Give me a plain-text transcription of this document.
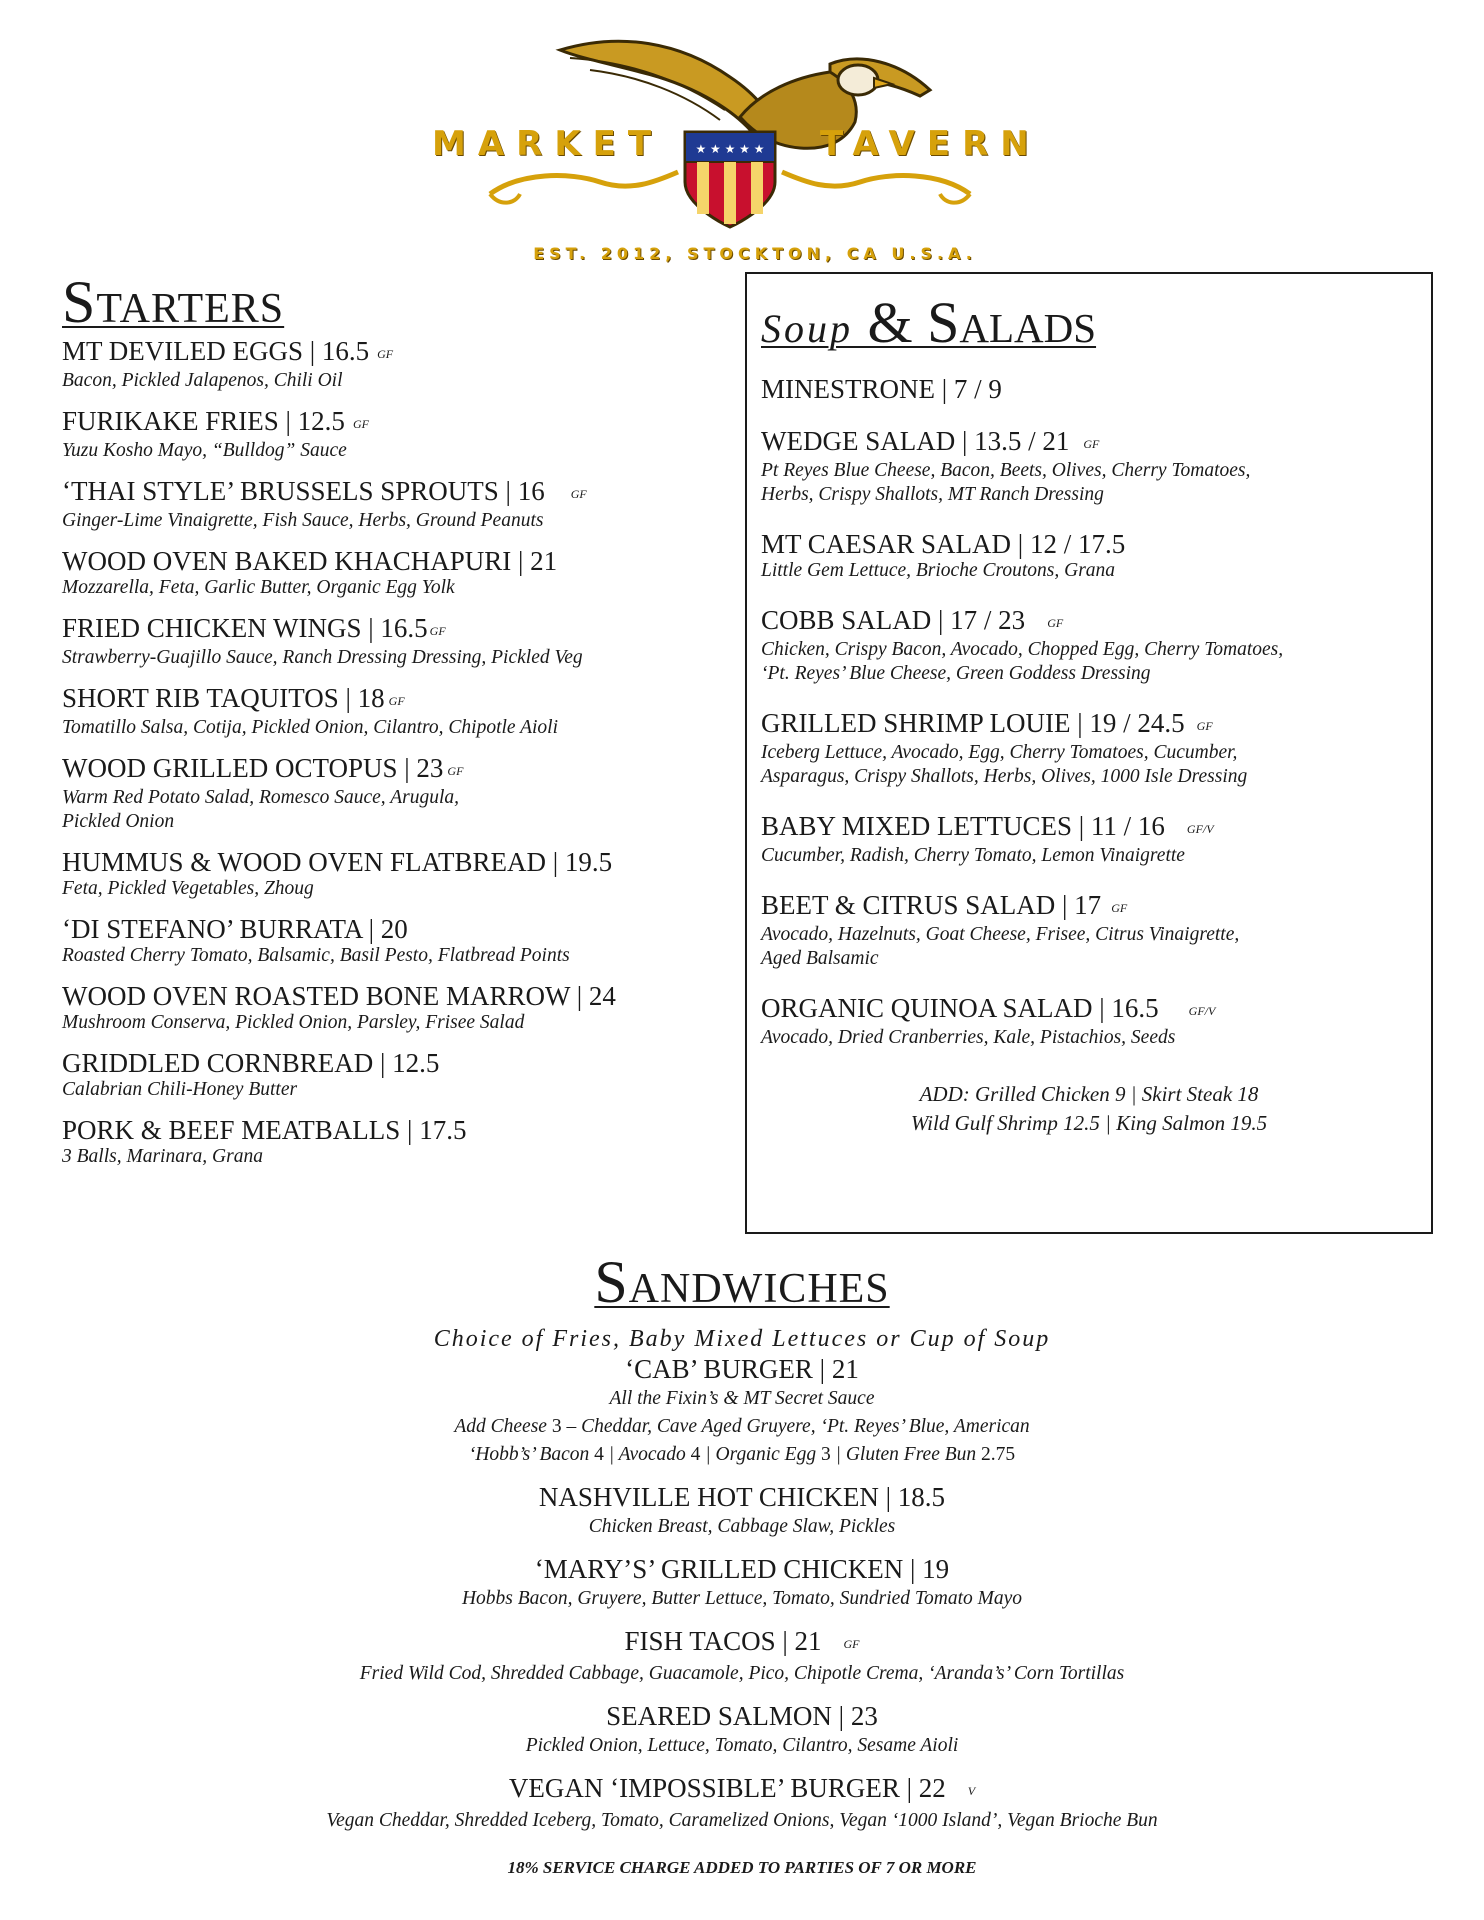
★ ★ ★ ★ ★
MARKET	TAVERN
EST. 2012, STOCKTON, CA U.S.A.
Starters
MT DEVILED EGGS | 16.5 GF
Bacon, Pickled Jalapenos, Chili Oil
FURIKAKE FRIES | 12.5 GF
Yuzu Kosho Mayo, “Bulldog” Sauce
‘THAI STYLE’ BRUSSELS SPROUTS | 16 GF
Ginger-Lime Vinaigrette, Fish Sauce, Herbs, Ground Peanuts
WOOD OVEN BAKED KHACHAPURI | 21
Mozzarella, Feta, Garlic Butter, Organic Egg Yolk
FRIED CHICKEN WINGS | 16.5 GF
Strawberry-Guajillo Sauce, Ranch Dressing Dressing, Pickled Veg
SHORT RIB TAQUITOS | 18 GF
Tomatillo Salsa, Cotija, Pickled Onion, Cilantro, Chipotle Aioli
WOOD GRILLED OCTOPUS | 23 GF
Warm Red Potato Salad, Romesco Sauce, Arugula,
Pickled Onion
HUMMUS & WOOD OVEN FLATBREAD | 19.5
Feta, Pickled Vegetables, Zhoug
‘DI STEFANO’ BURRATA | 20
Roasted Cherry Tomato, Balsamic, Basil Pesto, Flatbread Points
WOOD OVEN ROASTED BONE MARROW | 24
Mushroom Conserva, Pickled Onion, Parsley, Frisee Salad
GRIDDLED CORNBREAD | 12.5
Calabrian Chili-Honey Butter
PORK & BEEF MEATBALLS | 17.5
3 Balls, Marinara, Grana
Soup & Salads
MINESTRONE | 7 / 9
WEDGE SALAD | 13.5 / 21 GF
Pt Reyes Blue Cheese, Bacon, Beets, Olives, Cherry Tomatoes,
Herbs, Crispy Shallots, MT Ranch Dressing
MT CAESAR SALAD | 12 / 17.5
Little Gem Lettuce, Brioche Croutons, Grana
COBB SALAD | 17 / 23 GF
Chicken, Crispy Bacon, Avocado, Chopped Egg, Cherry Tomatoes,
‘Pt. Reyes’ Blue Cheese, Green Goddess Dressing
GRILLED SHRIMP LOUIE | 19 / 24.5 GF
Iceberg Lettuce, Avocado, Egg, Cherry Tomatoes, Cucumber,
Asparagus, Crispy Shallots, Herbs, Olives, 1000 Isle Dressing
BABY MIXED LETTUCES | 11 / 16 GF/V
Cucumber, Radish, Cherry Tomato, Lemon Vinaigrette
BEET & CITRUS SALAD | 17 GF
Avocado, Hazelnuts, Goat Cheese, Frisee, Citrus Vinaigrette,
Aged Balsamic
ORGANIC QUINOA SALAD | 16.5	GF/V
Avocado, Dried Cranberries, Kale, Pistachios, Seeds
ADD: Grilled Chicken 9 | Skirt Steak 18
Wild Gulf Shrimp 12.5 | King Salmon 19.5
Sandwiches
Choice of Fries, Baby Mixed Lettuces or Cup of Soup
‘CAB’ BURGER | 21
All the Fixin’s & MT Secret Sauce
Add Cheese 3 – Cheddar, Cave Aged Gruyere, ‘Pt. Reyes’ Blue, American
‘Hobb’s’ Bacon 4 | Avocado 4 | Organic Egg 3 | Gluten Free Bun 2.75
NASHVILLE HOT CHICKEN | 18.5
Chicken Breast, Cabbage Slaw, Pickles
‘MARY’S’ GRILLED CHICKEN | 19
Hobbs Bacon, Gruyere, Butter Lettuce, Tomato, Sundried Tomato Mayo
FISH TACOS | 21 GF
Fried Wild Cod, Shredded Cabbage, Guacamole, Pico, Chipotle Crema, ‘Aranda’s’ Corn Tortillas
SEARED SALMON | 23
Pickled Onion, Lettuce, Tomato, Cilantro, Sesame Aioli
VEGAN ‘IMPOSSIBLE’ BURGER | 22 V
Vegan Cheddar, Shredded Iceberg, Tomato, Caramelized Onions, Vegan ‘1000 Island’, Vegan Brioche Bun
18% SERVICE CHARGE ADDED TO PARTIES OF 7 OR MORE
